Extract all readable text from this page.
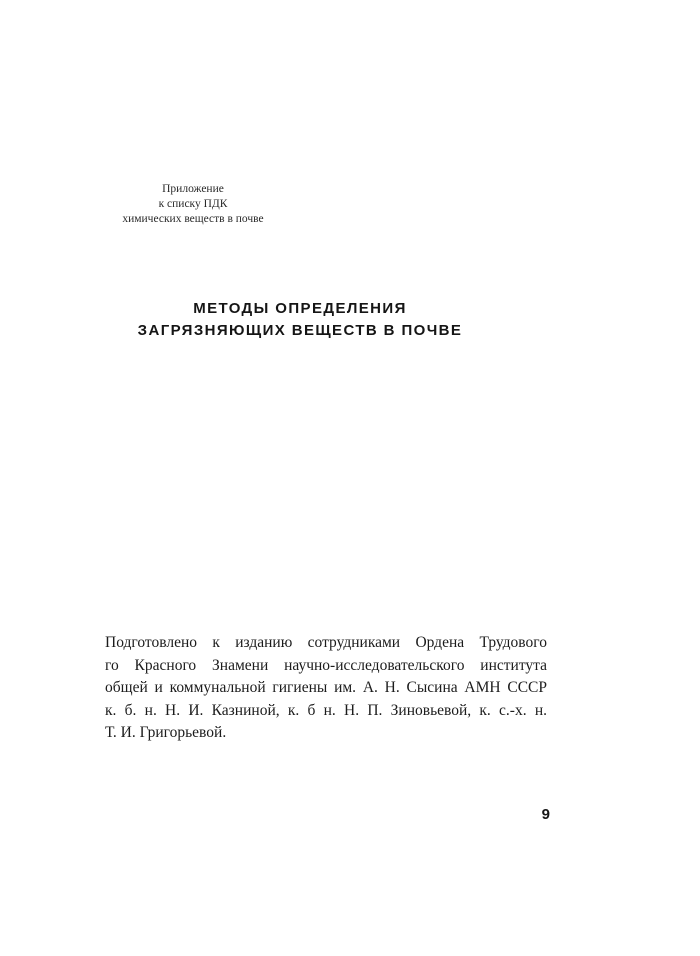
Приложение
к списку ПДК
химических веществ в почве
МЕТОДЫ ОПРЕДЕЛЕНИЯ
ЗАГРЯЗНЯЮЩИХ ВЕЩЕСТВ В ПОЧВЕ
Подготовлено к изданию сотрудниками Ордена Трудового
го Красного Знамени научно-исследовательского института
общей и коммунальной гигиены им. А. Н. Сысина АМН СССР
к. б. н. Н. И. Казниной, к. б н. Н. П. Зиновьевой, к. с.-х. н.
Т. И. Григорьевой.
9
